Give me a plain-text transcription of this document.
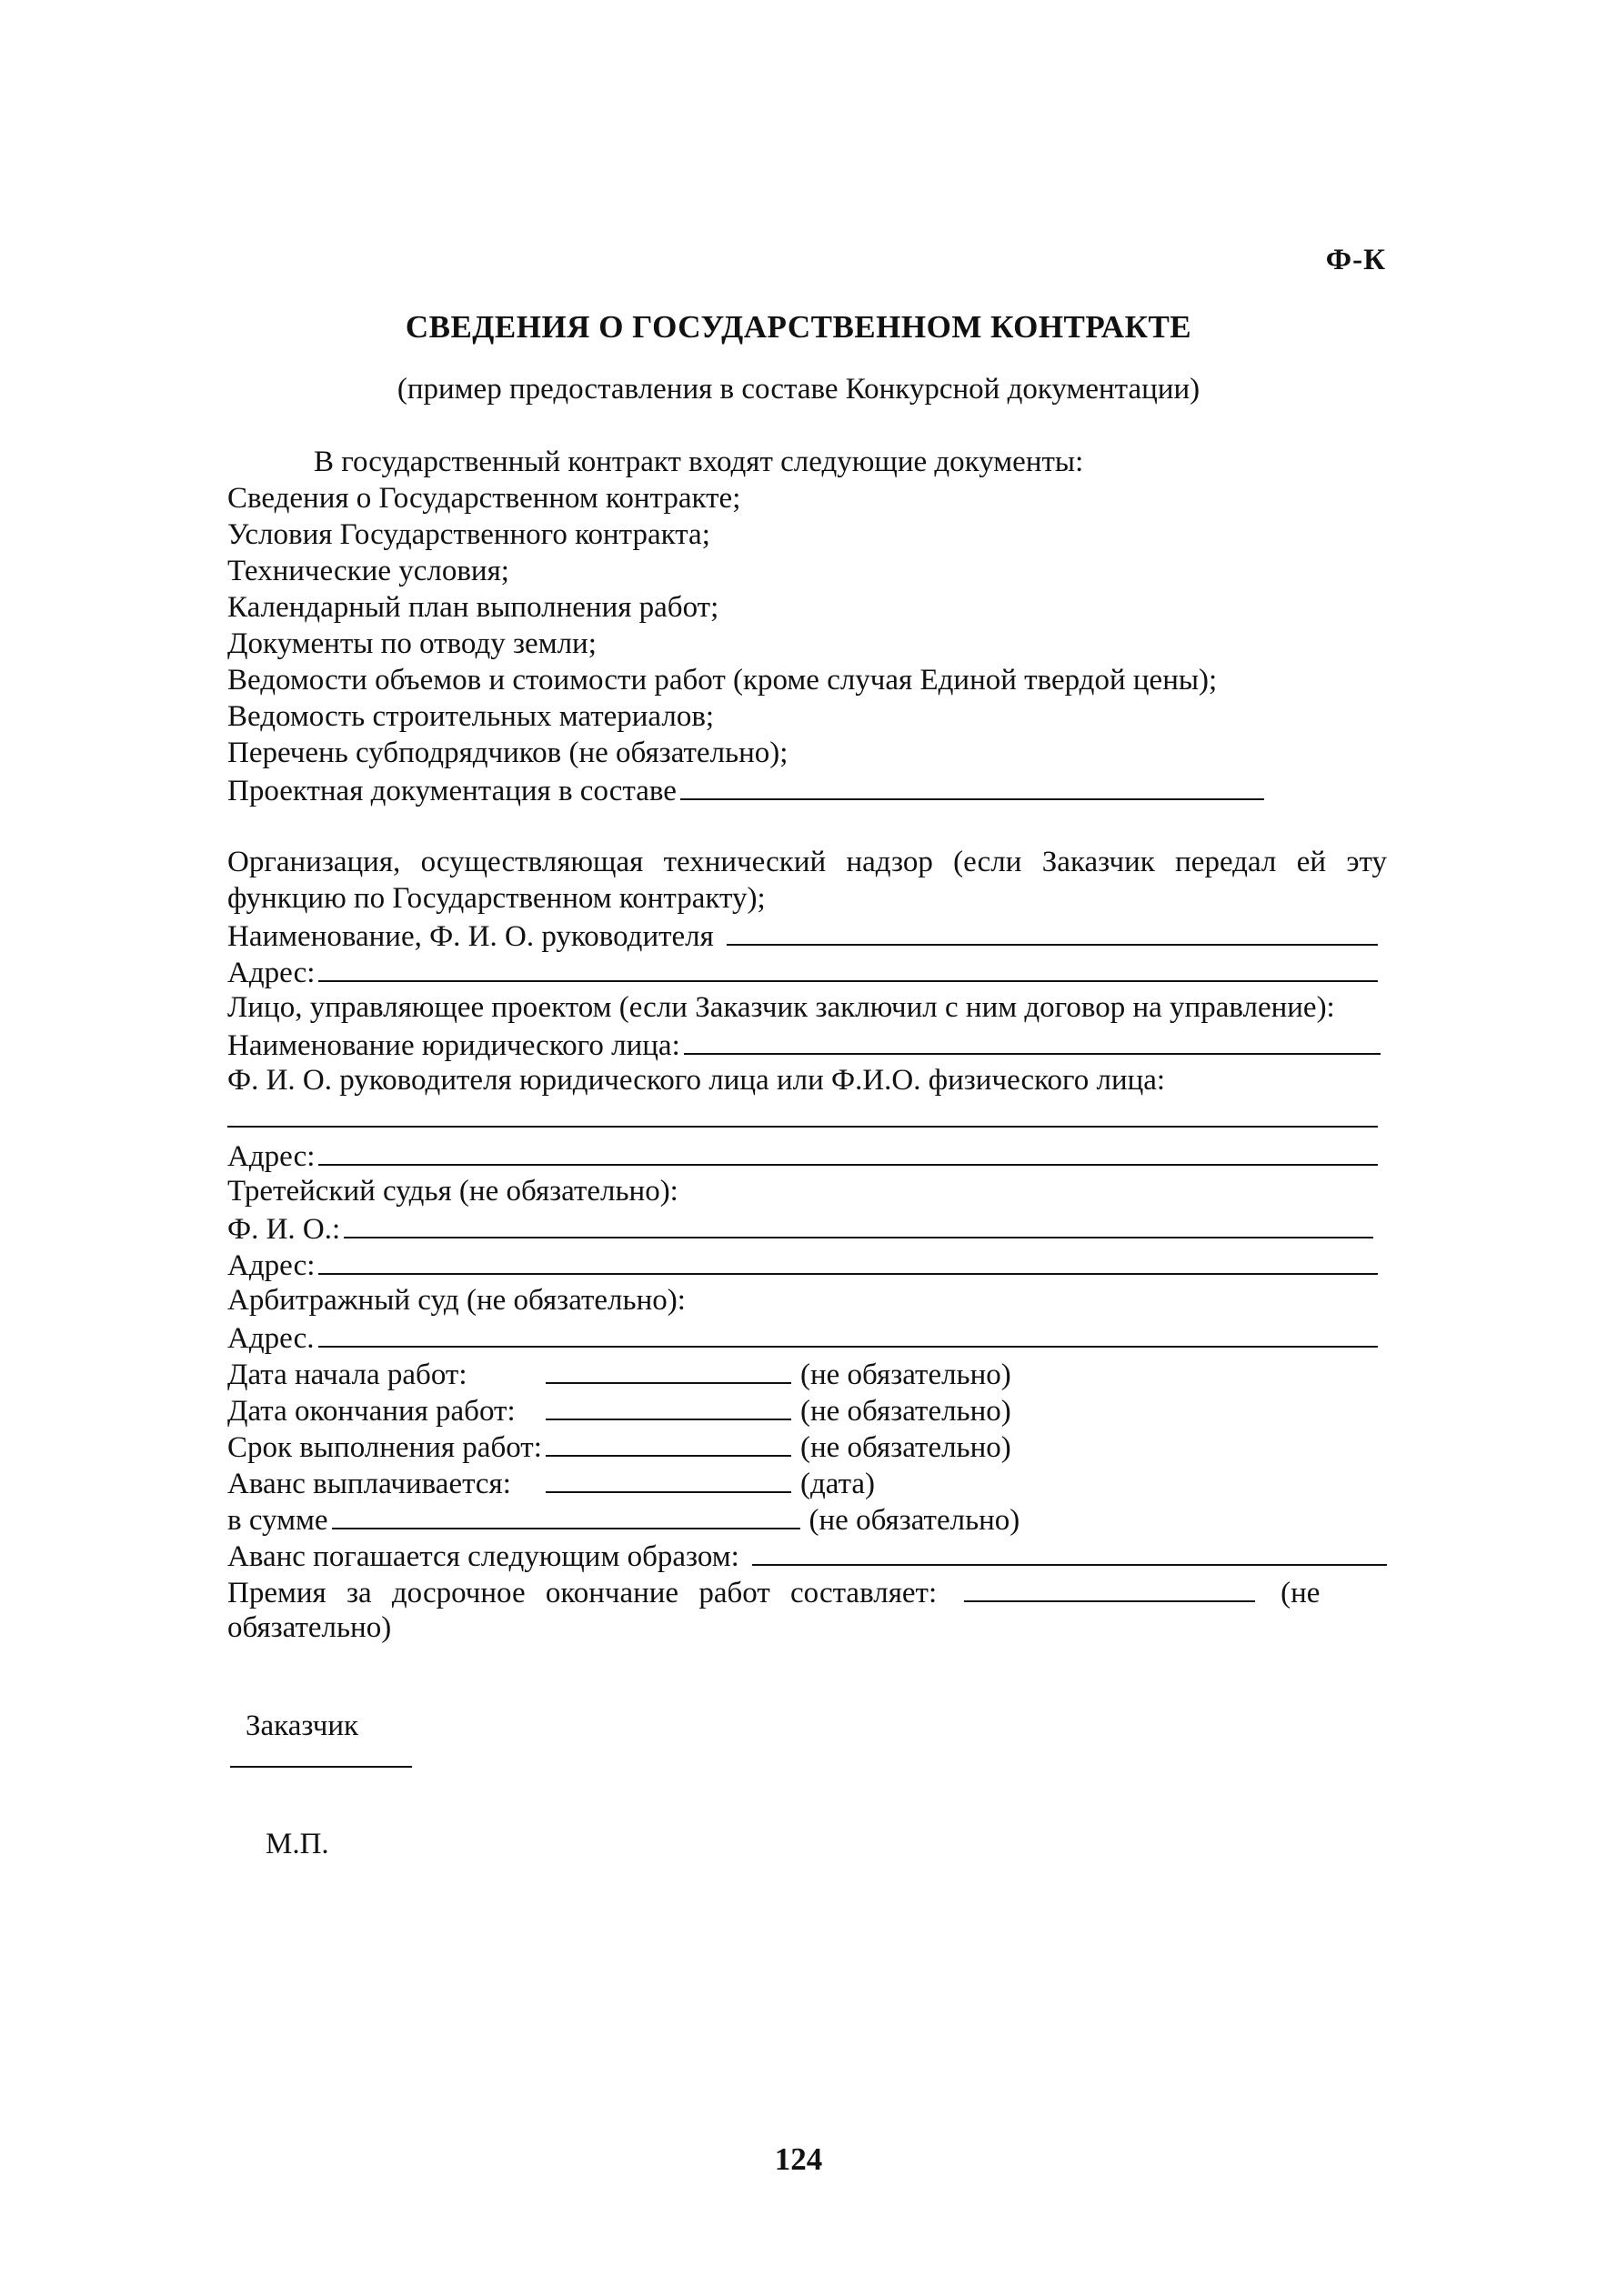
Ф-К
СВЕДЕНИЯ О ГОСУДАРСТВЕННОМ КОНТРАКТЕ
(пример предоставления в составе Конкурсной документации)
В государственный контракт входят следующие документы:
Сведения о Государственном контракте;
Условия Государственного контракта;
Технические условия;
Календарный план выполнения работ;
Документы по отводу земли;
Ведомости объемов и стоимости работ (кроме случая Единой твердой цены);
Ведомость строительных материалов;
Перечень субподрядчиков (не обязательно);
Проектная документация в составе
Организация, осуществляющая технический надзор (если Заказчик передал ей эту
функцию по Государственном контракту);
Наименование, Ф. И. О. руководителя
Адрес:
Лицо, управляющее проектом (если Заказчик заключил с ним договор на управление):
Наименование юридического лица:
Ф. И. О. руководителя юридического лица или Ф.И.О. физического лица:
Адрес:
Третейский судья (не обязательно):
Ф. И. О.:
Адрес:
Арбитражный суд (не обязательно):
Адрес.
Дата начала работ:	(не обязательно)
Дата окончания работ:	(не обязательно)
Срок выполнения работ:	(не обязательно)
Аванс выплачивается:	(дата)
в сумме	(не обязательно)
Аванс погашается следующим образом:
Премия за досрочное окончание работ составляет:	(не
обязательно)
Заказчик
М.П.
124
